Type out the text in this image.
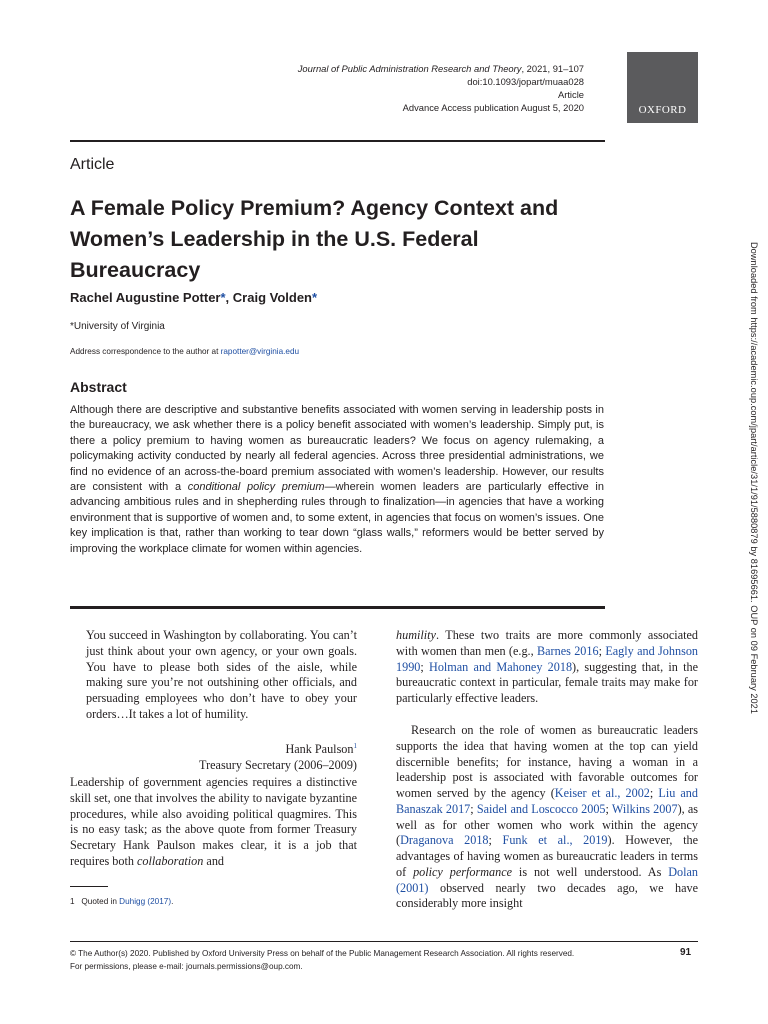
Journal of Public Administration Research and Theory, 2021, 91–107
doi:10.1093/jopart/muaa028
Article
Advance Access publication August 5, 2020	OXFORD
Article
A Female Policy Premium? Agency Context and Women’s Leadership in the U.S. Federal Bureaucracy
Rachel Augustine Potter*, Craig Volden*
*University of Virginia
Address correspondence to the author at rapotter@virginia.edu
Abstract
Although there are descriptive and substantive benefits associated with women serving in leadership posts in the bureaucracy, we ask whether there is a policy benefit associated with women’s leadership. Simply put, is there a policy premium to having women as bureaucratic leaders? We focus on agency rulemaking, a policymaking activity conducted by nearly all federal agencies. Across three presidential administrations, we find no evidence of an across-the-board premium associated with women’s leadership. However, our results are consistent with a conditional policy premium—wherein women leaders are particularly effective in advancing ambitious rules and in shepherding rules through to finalization—in agencies that have a working environment that is supportive of women and, to some extent, in agencies that focus on women’s issues. One key implication is that, rather than working to tear down “glass walls,” reformers would be better served by improving the workplace climate for women within agencies.
You succeed in Washington by collaborating. You can’t just think about your own agency, or your own goals. You have to please both sides of the aisle, while making sure you’re not outshining other officials, and persuading employees who don’t have to obey your orders…It takes a lot of humility.
Hank Paulson$^1$
Treasury Secretary (2006–2009)
Leadership of government agencies requires a distinctive skill set, one that involves the ability to navigate byzantine procedures, while also avoiding political quagmires. This is no easy task; as the above quote from former Treasury Secretary Hank Paulson makes clear, it is a job that requires both collaboration and
humility. These two traits are more commonly associated with women than men (e.g., Barnes 2016; Eagly and Johnson 1990; Holman and Mahoney 2018), suggesting that, in the bureaucratic context in particular, female traits may make for particularly effective leaders.
Research on the role of women as bureaucratic leaders supports the idea that having women at the top can yield discernible benefits; for instance, having a woman in a leadership post is associated with favorable outcomes for women served by the agency (Keiser et al., 2002; Liu and Banaszak 2017; Saidel and Loscocco 2005; Wilkins 2007), as well as for other women who work within the agency (Draganova 2018; Funk et al., 2019). However, the advantages of having women as bureaucratic leaders in terms of policy performance is not well understood. As Dolan (2001) observed nearly two decades ago, we have considerably more insight
1 Quoted in Duhigg (2017).
© The Author(s) 2020. Published by Oxford University Press on behalf of the Public Management Research Association. All rights reserved.
For permissions, please e-mail: journals.permissions@oup.com.
91
Downloaded from https://academic.oup.com/jpart/article/31/1/91/5880879 by 81695661. OUP on 09 February 2021
